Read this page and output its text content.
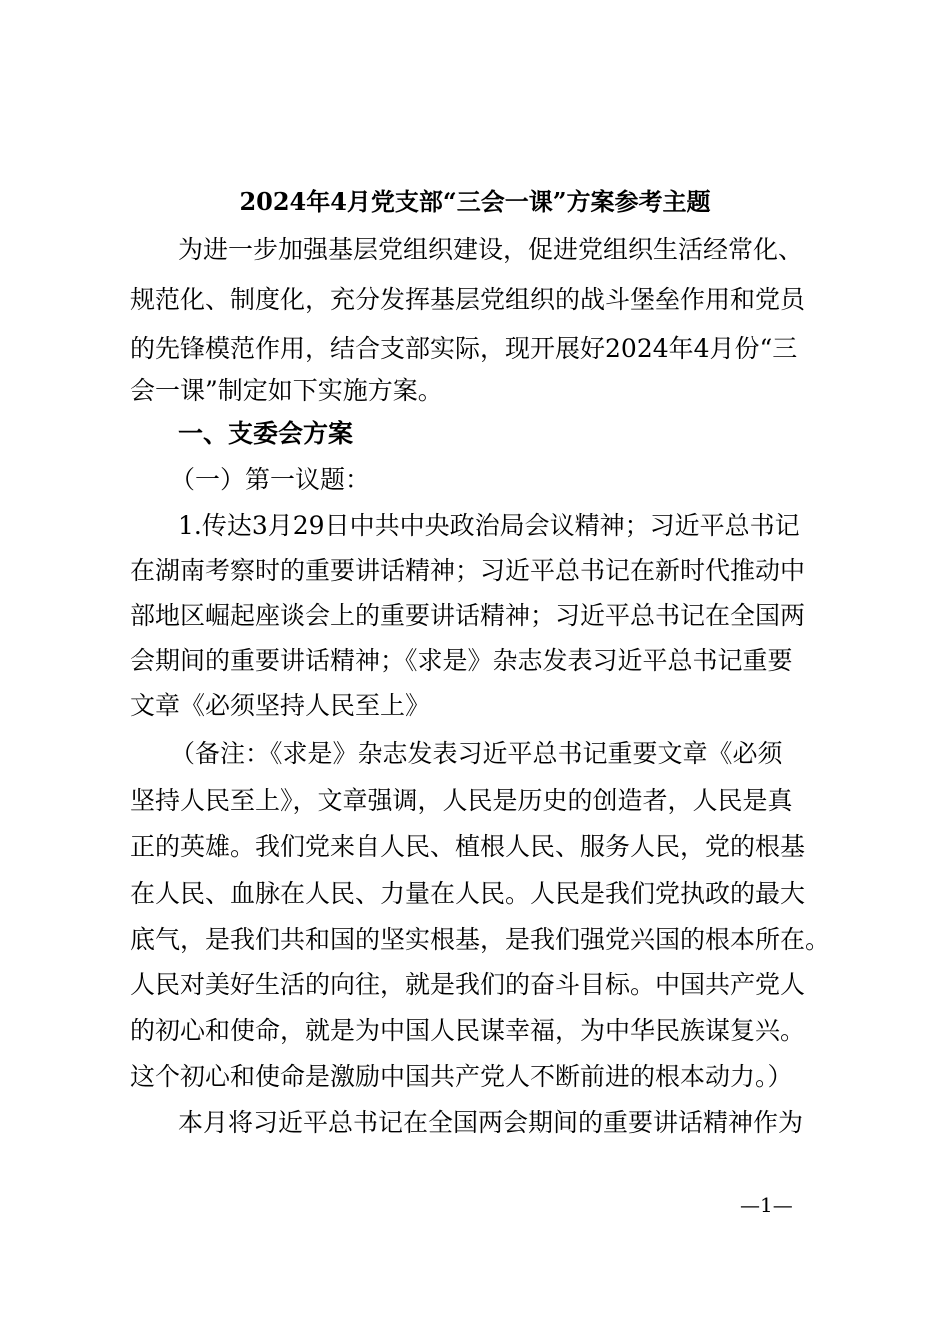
2024年4月党支部“三会一课”方案参考主题
为进一步加强基层党组织建设，促进党组织生活经常化、
规范化、制度化，充分发挥基层党组织的战斗堡垒作用和党员
的先锋模范作用，结合支部实际，现开展好2024年4月份“三
会一课”制定如下实施方案。
一、支委会方案
（一）第一议题：
1.传达3月29日中共中央政治局会议精神；习近平总书记
在湖南考察时的重要讲话精神；习近平总书记在新时代推动中
部地区崛起座谈会上的重要讲话精神；习近平总书记在全国两
会期间的重要讲话精神；《求是》杂志发表习近平总书记重要
文章《必须坚持人民至上》
（备注：《求是》杂志发表习近平总书记重要文章《必须
坚持人民至上》，文章强调，人民是历史的创造者，人民是真
正的英雄。我们党来自人民、植根人民、服务人民，党的根基
在人民、血脉在人民、力量在人民。人民是我们党执政的最大
底气，是我们共和国的坚实根基，是我们强党兴国的根本所在。
人民对美好生活的向往，就是我们的奋斗目标。中国共产党人
的初心和使命，就是为中国人民谋幸福，为中华民族谋复兴。
这个初心和使命是激励中国共产党人不断前进的根本动力。）
本月将习近平总书记在全国两会期间的重要讲话精神作为
—1—
